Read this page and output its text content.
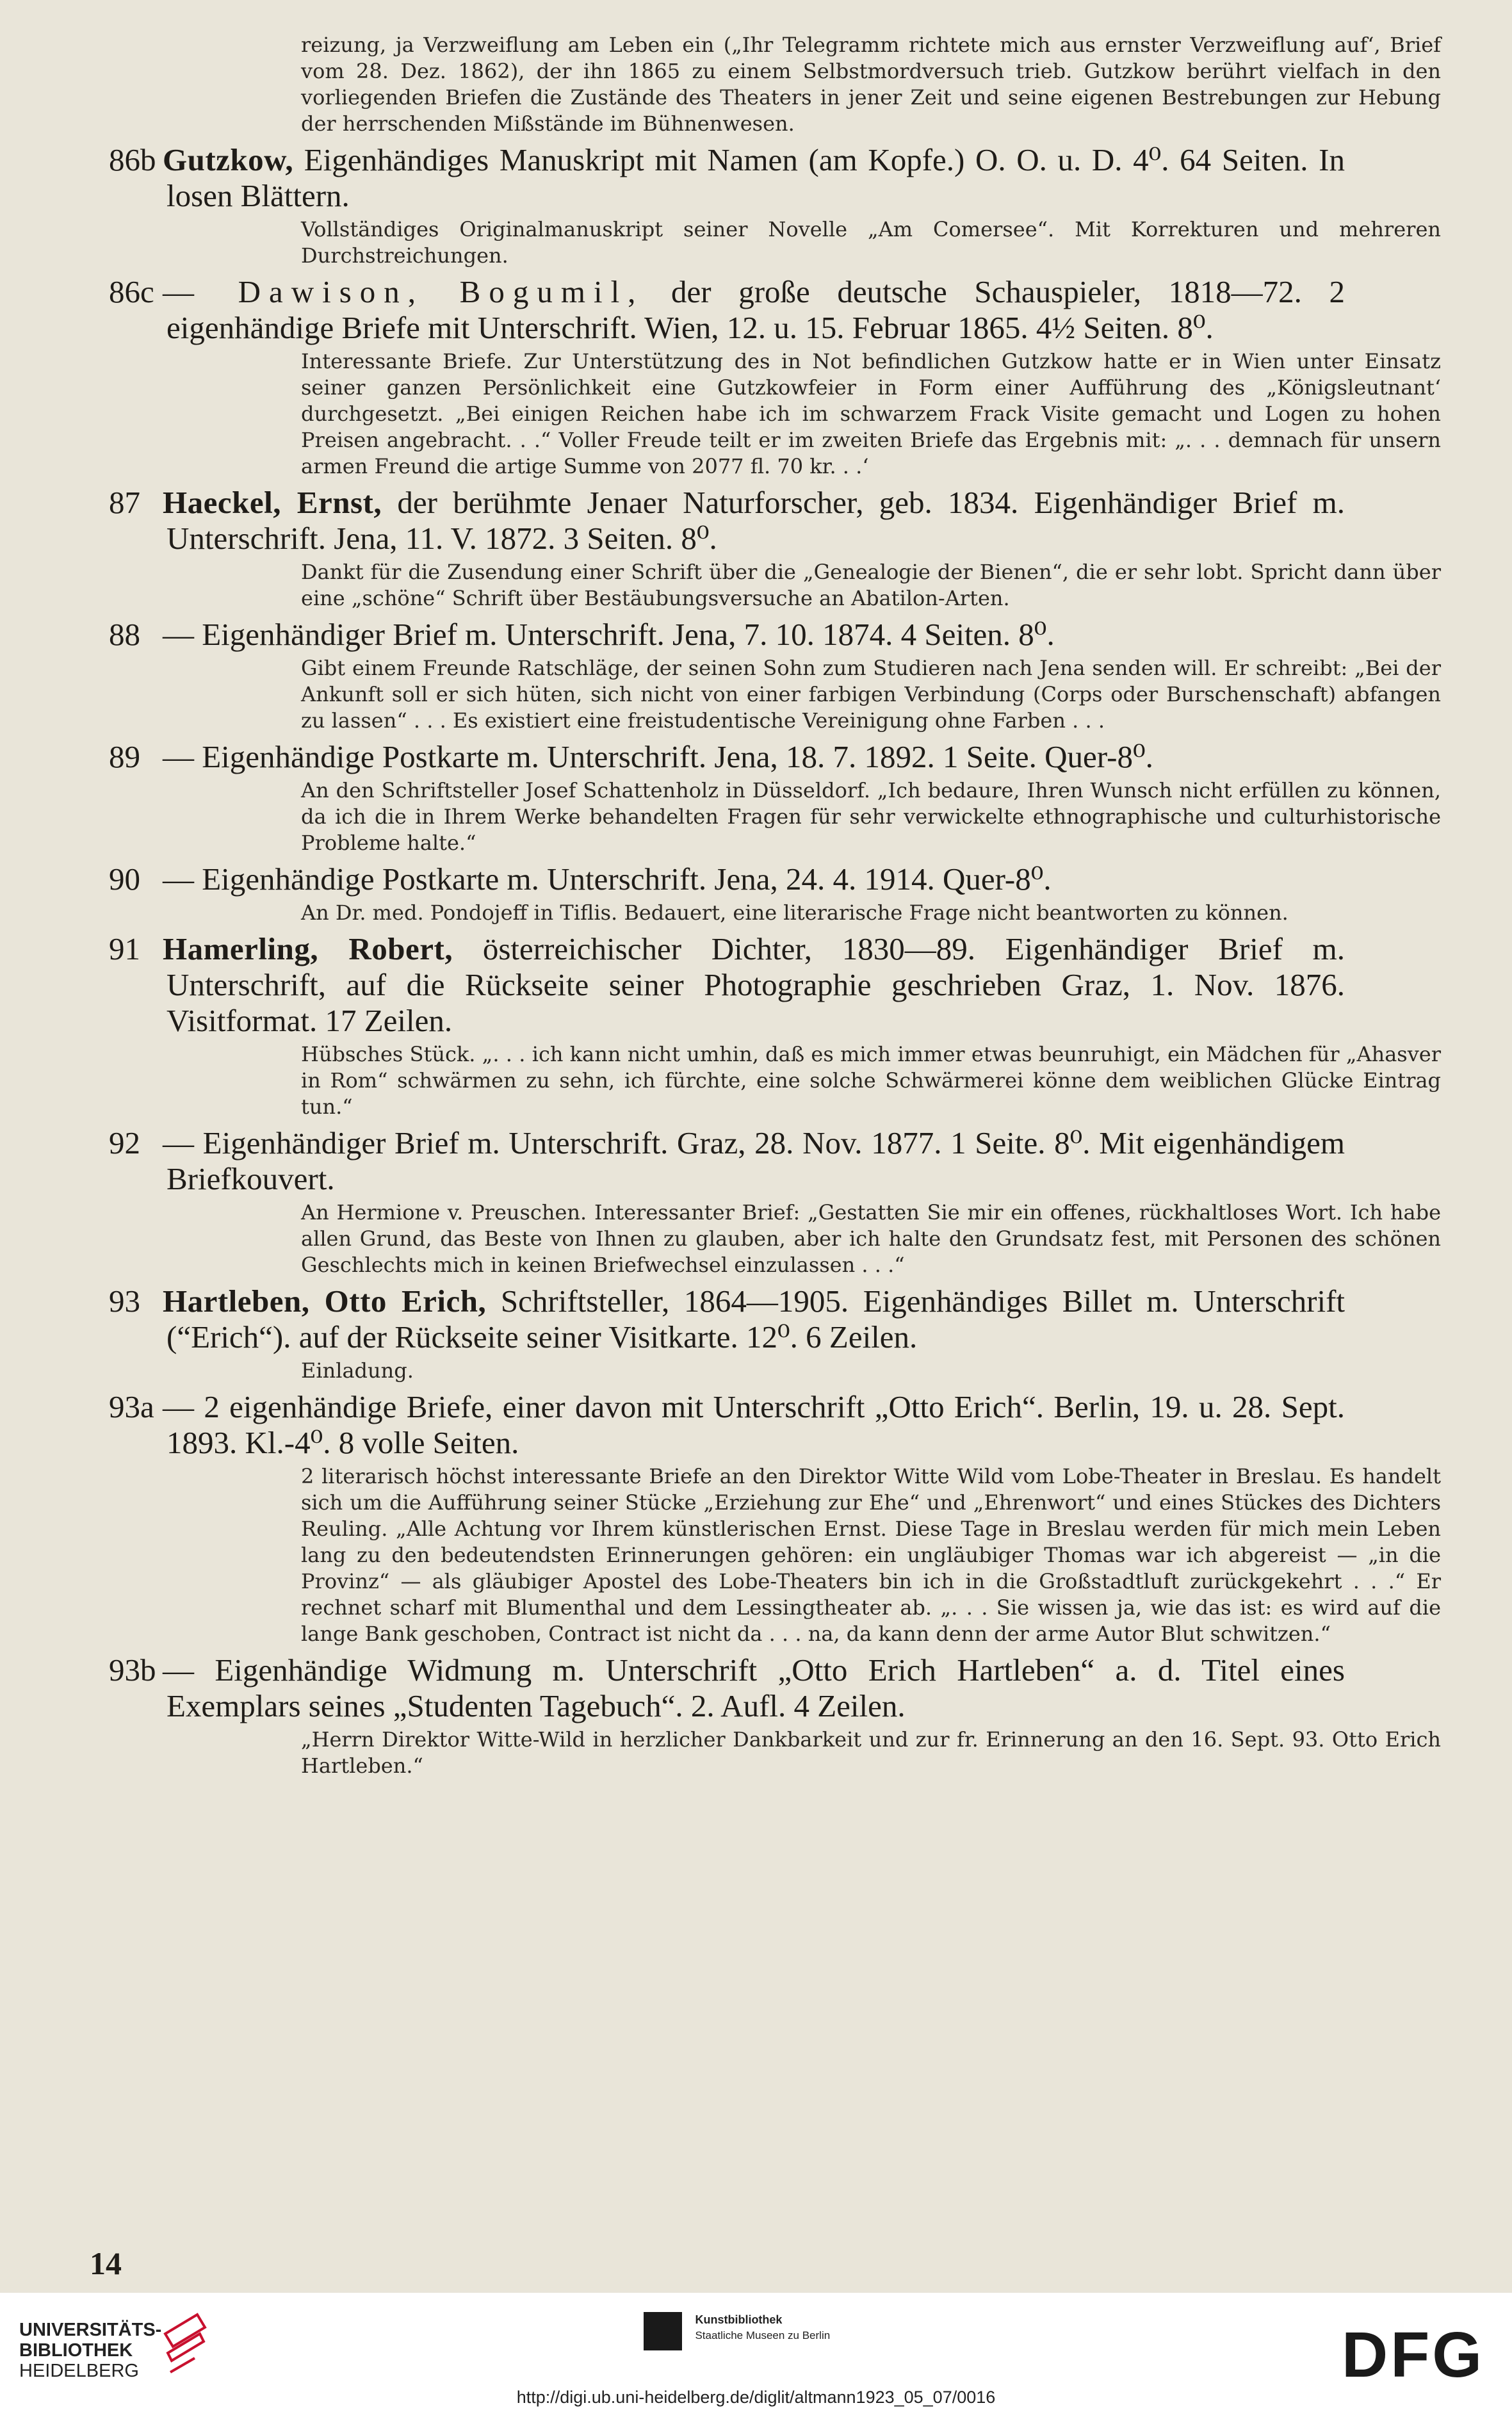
reizung, ja Verzweiflung am Leben ein („Ihr Telegramm richtete mich aus ernster Verzweiflung auf‘, Brief vom 28. Dez. 1862), der ihn 1865 zu einem Selbstmordversuch trieb. Gutzkow berührt vielfach in den vorliegenden Briefen die Zustände des Theaters in jener Zeit und seine eigenen Bestrebungen zur Hebung der herrschenden Mißstände im Bühnenwesen.

86b Gutzkow, Eigenhändiges Manuskript mit Namen (am Kopfe.) O. O. u. D. 4⁰. 64 Seiten. In losen Blättern.

Vollständiges Originalmanuskript seiner Novelle „Am Comersee“. Mit Korrekturen und mehreren Durchstreichungen.

86c — Dawison, Bogumil, der große deutsche Schauspieler, 1818—72. 2 eigenhändige Briefe mit Unterschrift. Wien, 12. u. 15. Februar 1865. 4½ Seiten. 8⁰.

Interessante Briefe. Zur Unterstützung des in Not befindlichen Gutzkow hatte er in Wien unter Einsatz seiner ganzen Persönlichkeit eine Gutzkowfeier in Form einer Aufführung des „Königsleutnant‘ durchgesetzt. „Bei einigen Reichen habe ich im schwarzem Frack Visite gemacht und Logen zu hohen Preisen angebracht. . .“ Voller Freude teilt er im zweiten Briefe das Ergebnis mit: „. . . demnach für unsern armen Freund die artige Summe von 2077 fl. 70 kr. . .‘

87 Haeckel, Ernst, der berühmte Jenaer Naturforscher, geb. 1834. Eigenhändiger Brief m. Unterschrift. Jena, 11. V. 1872. 3 Seiten. 8⁰.

Dankt für die Zusendung einer Schrift über die „Genealogie der Bienen“, die er sehr lobt. Spricht dann über eine „schöne“ Schrift über Bestäubungsversuche an Abatilon-Arten.

88 — Eigenhändiger Brief m. Unterschrift. Jena, 7. 10. 1874. 4 Seiten. 8⁰.

Gibt einem Freunde Ratschläge, der seinen Sohn zum Studieren nach Jena senden will. Er schreibt: „Bei der Ankunft soll er sich hüten, sich nicht von einer farbigen Verbindung (Corps oder Burschenschaft) abfangen zu lassen“ . . . Es existiert eine freistudentische Vereinigung ohne Farben . . .

89 — Eigenhändige Postkarte m. Unterschrift. Jena, 18. 7. 1892. 1 Seite. Quer-8⁰.

An den Schriftsteller Josef Schattenholz in Düsseldorf. „Ich bedaure, Ihren Wunsch nicht erfüllen zu können, da ich die in Ihrem Werke behandelten Fragen für sehr verwickelte ethnographische und culturhistorische Probleme halte.“

90 — Eigenhändige Postkarte m. Unterschrift. Jena, 24. 4. 1914. Quer-8⁰.

An Dr. med. Pondojeff in Tiflis. Bedauert, eine literarische Frage nicht beantworten zu können.

91 Hamerling, Robert, österreichischer Dichter, 1830—89. Eigenhändiger Brief m. Unterschrift, auf die Rückseite seiner Photographie geschrieben Graz, 1. Nov. 1876. Visitformat. 17 Zeilen.

Hübsches Stück. „. . . ich kann nicht umhin, daß es mich immer etwas beunruhigt, ein Mädchen für „Ahasver in Rom“ schwärmen zu sehn, ich fürchte, eine solche Schwärmerei könne dem weiblichen Glücke Eintrag tun.“

92 — Eigenhändiger Brief m. Unterschrift. Graz, 28. Nov. 1877. 1 Seite. 8⁰. Mit eigenhändigem Briefkouvert.

An Hermione v. Preuschen. Interessanter Brief: „Gestatten Sie mir ein offenes, rückhaltloses Wort. Ich habe allen Grund, das Beste von Ihnen zu glauben, aber ich halte den Grundsatz fest, mit Personen des schönen Geschlechts mich in keinen Briefwechsel einzulassen . . .“

93 Hartleben, Otto Erich, Schriftsteller, 1864—1905. Eigenhändiges Billet m. Unterschrift (“Erich“). auf der Rückseite seiner Visitkarte. 12⁰. 6 Zeilen.

Einladung.

93a — 2 eigenhändige Briefe, einer davon mit Unterschrift „Otto Erich“. Berlin, 19. u. 28. Sept. 1893. Kl.-4⁰. 8 volle Seiten.

2 literarisch höchst interessante Briefe an den Direktor Witte Wild vom Lobe-Theater in Breslau. Es handelt sich um die Aufführung seiner Stücke „Erziehung zur Ehe“ und „Ehrenwort“ und eines Stückes des Dichters Reuling. „Alle Achtung vor Ihrem künstlerischen Ernst. Diese Tage in Breslau werden für mich mein Leben lang zu den bedeutendsten Erinnerungen gehören: ein ungläubiger Thomas war ich abgereist — „in die Provinz“ — als gläubiger Apostel des Lobe-Theaters bin ich in die Großstadtluft zurückgekehrt . . .“ Er rechnet scharf mit Blumenthal und dem Lessingtheater ab. „. . . Sie wissen ja, wie das ist: es wird auf die lange Bank geschoben, Contract ist nicht da . . . na, da kann denn der arme Autor Blut schwitzen.“

93b — Eigenhändige Widmung m. Unterschrift „Otto Erich Hartleben“ a. d. Titel eines Exemplars seines „Studenten Tagebuch“. 2. Aufl. 4 Zeilen.

„Herrn Direktor Witte-Wild in herzlicher Dankbarkeit und zur fr. Erinnerung an den 16. Sept. 93. Otto Erich Hartleben.“

14
UNIVERSITÄTS-
BIBLIOTHEK
HEIDELBERG
Kunstbibliothek
Staatliche Museen zu Berlin	DFG
http://digi.ub.uni-heidelberg.de/diglit/altmann1923_05_07/0016
